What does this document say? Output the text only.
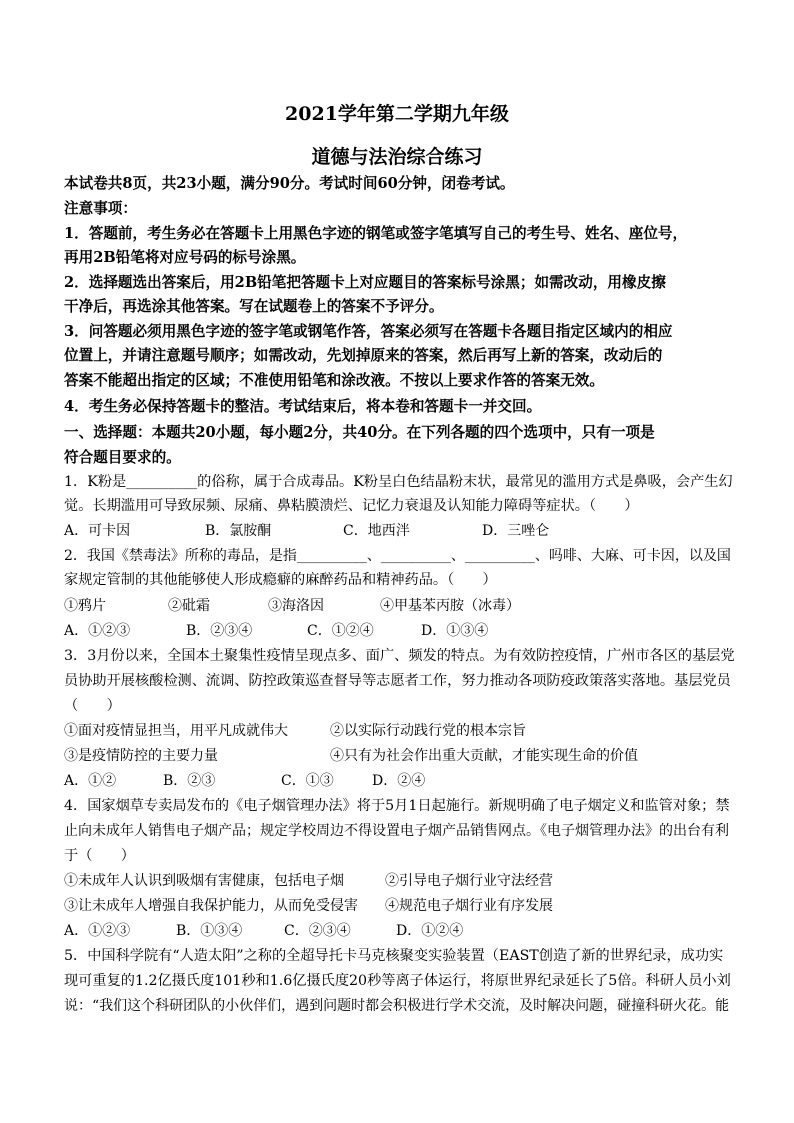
2021学年第二学期九年级
道德与法治综合练习
本试卷共8页，共23小题，满分90分。考试时间60分钟，闭卷考试。
注意事项：
1．答题前，考生务必在答题卡上用黑色字迹的钢笔或签字笔填写自己的考生号、姓名、座位号，
再用2B铅笔将对应号码的标号涂黑。
2．选择题选出答案后，用2B铅笔把答题卡上对应题目的答案标号涂黑；如需改动，用橡皮擦
干净后，再选涂其他答案。写在试题卷上的答案不予评分。
3．问答题必须用黑色字迹的签字笔或钢笔作答，答案必须写在答题卡各题目指定区域内的相应
位置上，并请注意题号顺序；如需改动，先划掉原来的答案，然后再写上新的答案，改动后的
答案不能超出指定的区域；不准使用铅笔和涂改液。不按以上要求作答的答案无效。
4．考生务必保持答题卡的整洁。考试结束后，将本卷和答题卡一并交回。
一、选择题：本题共20小题，每小题2分，共40分。在下列各题的四个选项中，只有一项是
符合题目要求的。
1．K粉是__________的俗称，属于合成毒品。K粉呈白色结晶粉末状，最常见的滥用方式是鼻吸，会产生幻
觉。长期滥用可导致尿频、尿痛、鼻粘膜溃烂、记忆力衰退及认知能力障碍等症状。（　　）
A．可卡因	B．氯胺酮	C．地西泮	D．三唑仑
2．我国《禁毒法》所称的毒品，是指__________、__________、__________、吗啡、大麻、可卡因，以及国
家规定管制的其他能够使人形成瘾癖的麻醉药品和精神药品。（　　）
①鸦片	②砒霜	③海洛因	④甲基苯丙胺（冰毒）
A．①②③	B．②③④	C．①②④	D．①③④
3．3月份以来，全国本土聚集性疫情呈现点多、面广、频发的特点。为有效防控疫情，广州市各区的基层党
员协助开展核酸检测、流调、防控政策巡查督导等志愿者工作，努力推动各项防疫政策落实落地。基层党员
（　　）
①面对疫情显担当，用平凡成就伟大	②以实际行动践行党的根本宗旨
③是疫情防控的主要力量	④只有为社会作出重大贡献，才能实现生命的价值
A．①②	B．②③	C．①③	D．②④
4．国家烟草专卖局发布的《电子烟管理办法》将于5月1日起施行。新规明确了电子烟定义和监管对象；禁
止向未成年人销售电子烟产品；规定学校周边不得设置电子烟产品销售网点。《电子烟管理办法》的出台有利
于（　　）
①未成年人认识到吸烟有害健康，包括电子烟	②引导电子烟行业守法经营
③让未成年人增强自我保护能力，从而免受侵害 ④规范电子烟行业有序发展
A．①②③	B．①③④	C．②③④	D．①②④
5．中国科学院有“人造太阳”之称的全超导托卡马克核聚变实验装置（EAST创造了新的世界纪录，成功实
现可重复的1.2亿摄氏度101秒和1.6亿摄氏度20秒等离子体运行，将原世界纪录延长了5倍。科研人员小刘
说：“我们这个科研团队的小伙伴们，遇到问题时都会积极进行学术交流，及时解决问题，碰撞科研火花。能
